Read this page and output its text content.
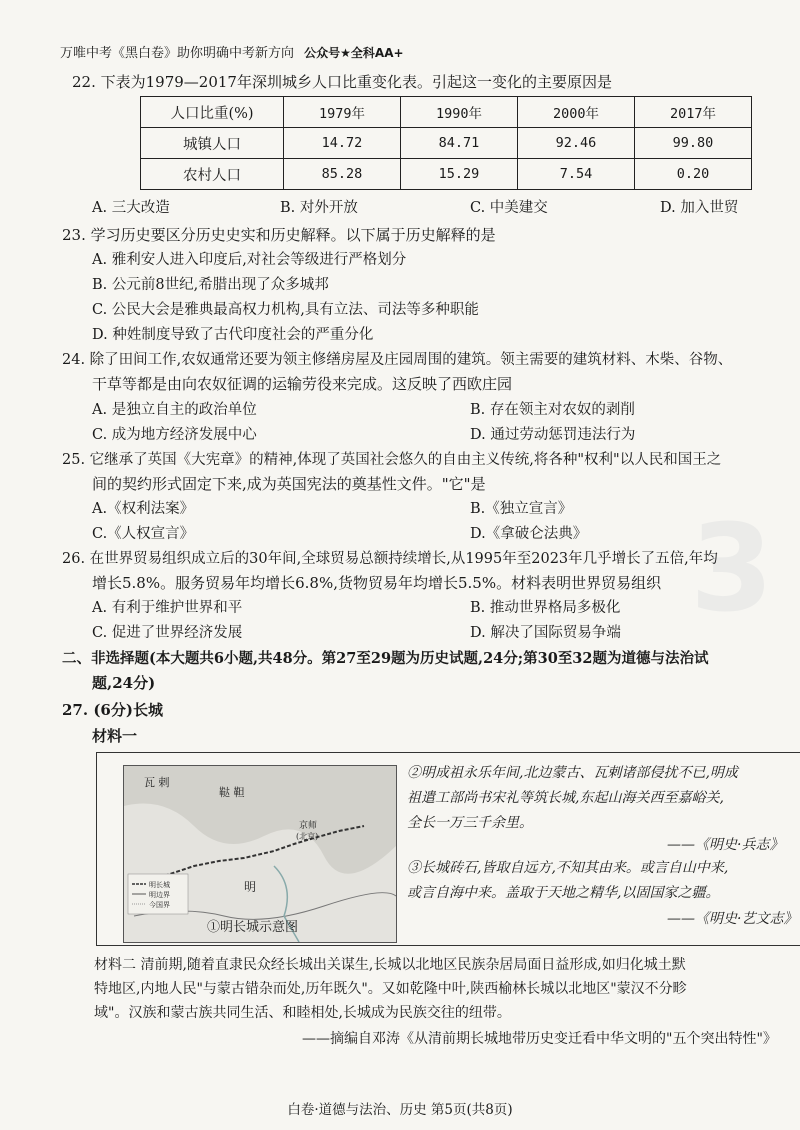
3
万唯中考《黑白卷》助你明确中考新方向 公众号★全科AA+
22. 下表为1979—2017年深圳城乡人口比重变化表。引起这一变化的主要原因是
人口比重(%)	1979年	1990年	2000年	2017年
城镇人口	14.72	84.71	92.46	99.80
农村人口	85.28	15.29	7.54	0.20
A. 三大改造	B. 对外开放	C. 中美建交	D. 加入世贸
23. 学习历史要区分历史史实和历史解释。以下属于历史解释的是
A. 雅利安人进入印度后,对社会等级进行严格划分
B. 公元前8世纪,希腊出现了众多城邦
C. 公民大会是雅典最高权力机构,具有立法、司法等多种职能
D. 种姓制度导致了古代印度社会的严重分化
24. 除了田间工作,农奴通常还要为领主修缮房屋及庄园周围的建筑。领主需要的建筑材料、木柴、谷物、
干草等都是由向农奴征调的运输劳役来完成。这反映了西欧庄园
A. 是独立自主的政治单位	B. 存在领主对农奴的剥削
C. 成为地方经济发展中心	D. 通过劳动惩罚违法行为
25. 它继承了英国《大宪章》的精神,体现了英国社会悠久的自由主义传统,将各种"权利"以人民和国王之
间的契约形式固定下来,成为英国宪法的奠基性文件。"它"是
A.《权利法案》	B.《独立宣言》
C.《人权宣言》	D.《拿破仑法典》
26. 在世界贸易组织成立后的30年间,全球贸易总额持续增长,从1995年至2023年几乎增长了五倍,年均
增长5.8%。服务贸易年均增长6.8%,货物贸易年均增长5.5%。材料表明世界贸易组织
A. 有利于维护世界和平	B. 推动世界格局多极化
C. 促进了世界经济发展	D. 解决了国际贸易争端
二、非选择题(本大题共6小题,共48分。第27至29题为历史试题,24分;第30至32题为道德与法治试
题,24分)
27. (6分)长城
材料一
瓦 剌
鞑 靼
京师
(北京)
明
明长城
明边界
今国界
①明长城示意图
②明成祖永乐年间,北边蒙古、瓦剌诸部侵扰不已,明成
祖遣工部尚书宋礼等筑长城,东起山海关西至嘉峪关,
全长一万三千余里。
——《明史·兵志》
③长城砖石,皆取自远方,不知其由来。或言自山中来,
或言自海中来。盖取于天地之精华,以固国家之疆。
——《明史·艺文志》
材料二 清前期,随着直隶民众经长城出关谋生,长城以北地区民族杂居局面日益形成,如归化城土默
特地区,内地人民"与蒙古错杂而处,历年既久"。又如乾隆中叶,陕西榆林长城以北地区"蒙汉不分畛
域"。汉族和蒙古族共同生活、和睦相处,长城成为民族交往的纽带。
——摘编自邓涛《从清前期长城地带历史变迁看中华文明的"五个突出特性"》
白卷·道德与法治、历史 第5页(共8页)
